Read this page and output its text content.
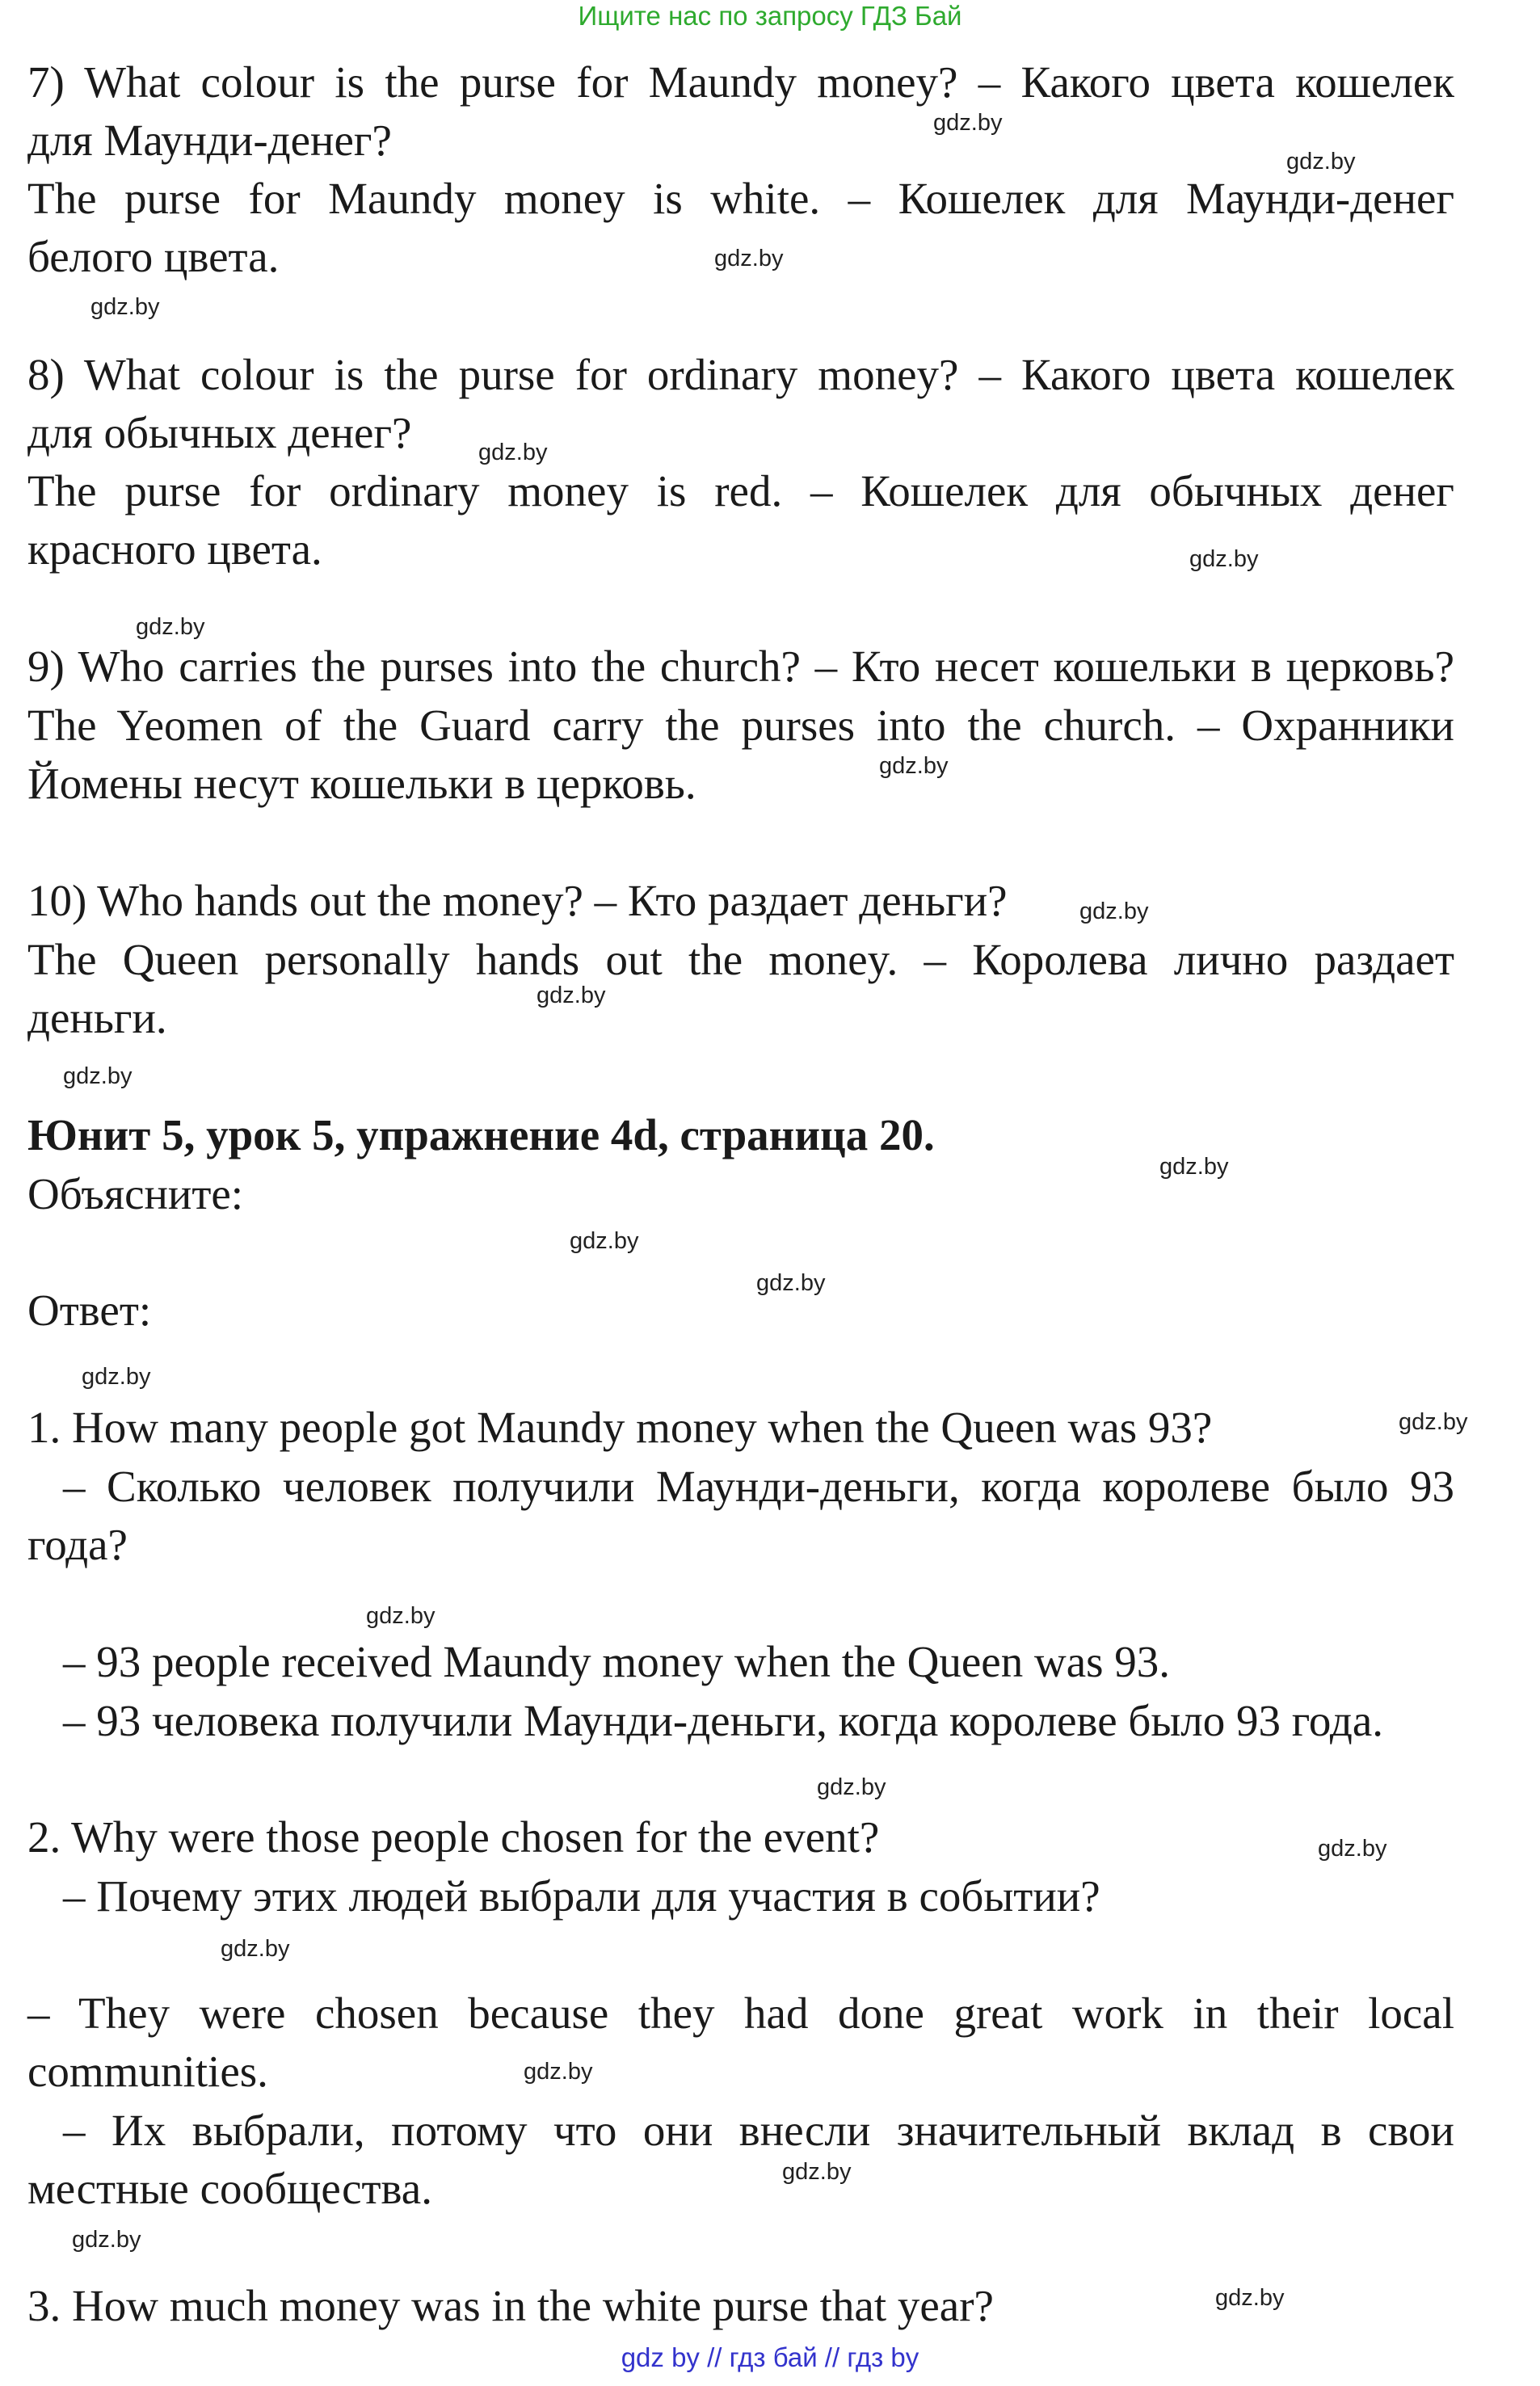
Ищите нас по запросу ГДЗ Бай
7) What colour is the purse for Maundy money? – Какого цвета кошелек
для Маунди-денег?
The purse for Maundy money is white. – Кошелек для Маунди-денег
белого цвета.
8) What colour is the purse for ordinary money? – Какого цвета кошелек
для обычных денег?
The purse for ordinary money is red. – Кошелек для обычных денег
красного цвета.
9) Who carries the purses into the church? – Кто несет кошельки в церковь?
The Yeomen of the Guard carry the purses into the church. – Охранники
Йомены несут кошельки в церковь.
10) Who hands out the money? – Кто раздает деньги?
The Queen personally hands out the money. – Королева лично раздает
деньги.
Юнит 5, урок 5, упражнение 4d, страница 20.
Объясните:
Ответ:
1. How many people got Maundy money when the Queen was 93?
– Сколько человек получили Маунди-деньги, когда королеве было 93
года?
– 93 people received Maundy money when the Queen was 93.
– 93 человека получили Маунди-деньги, когда королеве было 93 года.
2. Why were those people chosen for the event?
– Почему этих людей выбрали для участия в событии?
– They were chosen because they had done great work in their local
communities.
– Их выбрали, потому что они внесли значительный вклад в свои
местные сообщества.
3. How much money was in the white purse that year?
gdz.by
gdz.by
gdz.by
gdz.by
gdz.by
gdz.by
gdz.by
gdz.by
gdz.by
gdz.by
gdz.by
gdz.by
gdz.by
gdz.by
gdz.by
gdz.by
gdz.by
gdz.by
gdz.by
gdz.by
gdz.by
gdz.by
gdz.by
gdz.by
gdz by // гдз бай // гдз by
